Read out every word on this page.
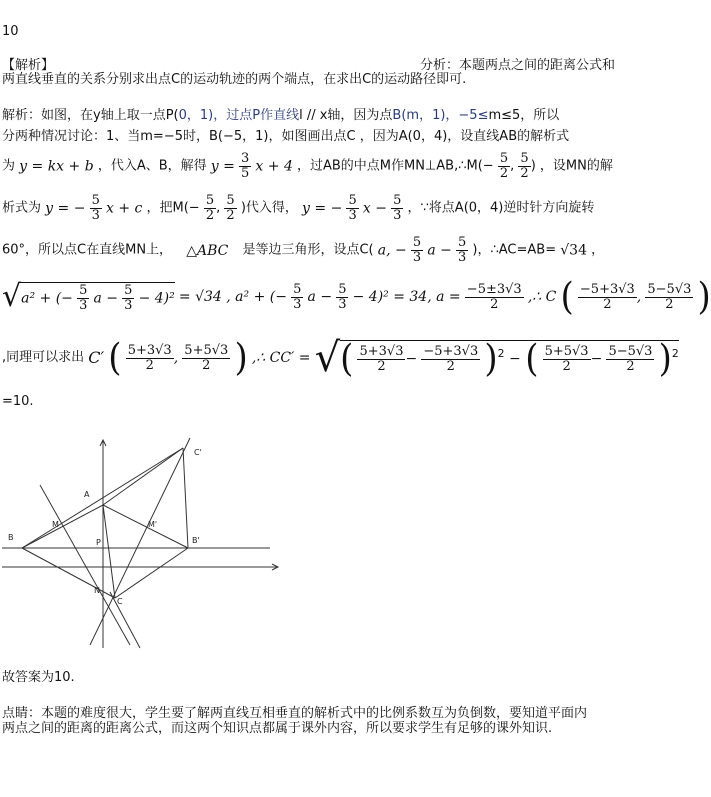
10
【解析】	分析：本题两点之间的距离公式和
两直线垂直的关系分别求出点C的运动轨迹的两个端点，在求出C的运动路径即可.
解析：如图，在y轴上取一点P(0，1)，过点P作直线l // x轴，因为点B(m，1)，−5≤m≤5，所以
分两种情况讨论：1、当m=−5时，B(−5，1)，如图画出点C ，因为A(0，4)，设直线AB的解析式
为 y = kx + b ，代入A、B，解得 $y = \frac{3}{5}$ x + 4 ，过AB的中点M作MN⊥AB,∴M(− $\frac{5}{2}$ , $\frac{5}{2}$ ) ，设MN的解
析式为 y = − $\frac{5}{3}$ x + c ，把$M(- \frac{5}{2}$ , $\frac{5}{2}$ )代入得， y = − $\frac{5}{3}$ $x - \frac{5}{3}$ ，∵将点A(0，4)逆时针方向旋转
60°，所以点C在直线MN上， △ABC 是等边三角形，设点C( a, − $\frac{5}{3}$ $a - \frac{5}{3}$ )，∴AC=AB= √34 ，
√a² + (− $\frac{5}{3}$ $a - \frac{5}{3} - 4)^2 = √34$ , a² + (− $\frac{5}{3}$ $a - \frac{5}{3} - 4)^2 = 34$, $a = \frac{-5\pm 3√3}{2}$ ,∴ C ( $\frac{-5+3√3}{2}$ , $\frac{5-5√3}{2}$ )
,同理可以求出 C′ ( $\frac{5+3√3}{2}$ , $\frac{5+5√3}{2}$ ) ,∴ CC′ = √( $\frac{5+3√3}{2} - \frac{-5+3√3}{2} )^2$ − ( $\frac{5+5√3}{2} - \frac{5-5√3}{2} )^2$
=10.
A
B	B'
C
C'
M	M'
N
P
故答案为10.
点睛：本题的难度很大，学生要了解两直线互相垂直的解析式中的比例系数互为负倒数，要知道平面内
两点之间的距离的距离公式，而这两个知识点都属于课外内容，所以要求学生有足够的课外知识.
